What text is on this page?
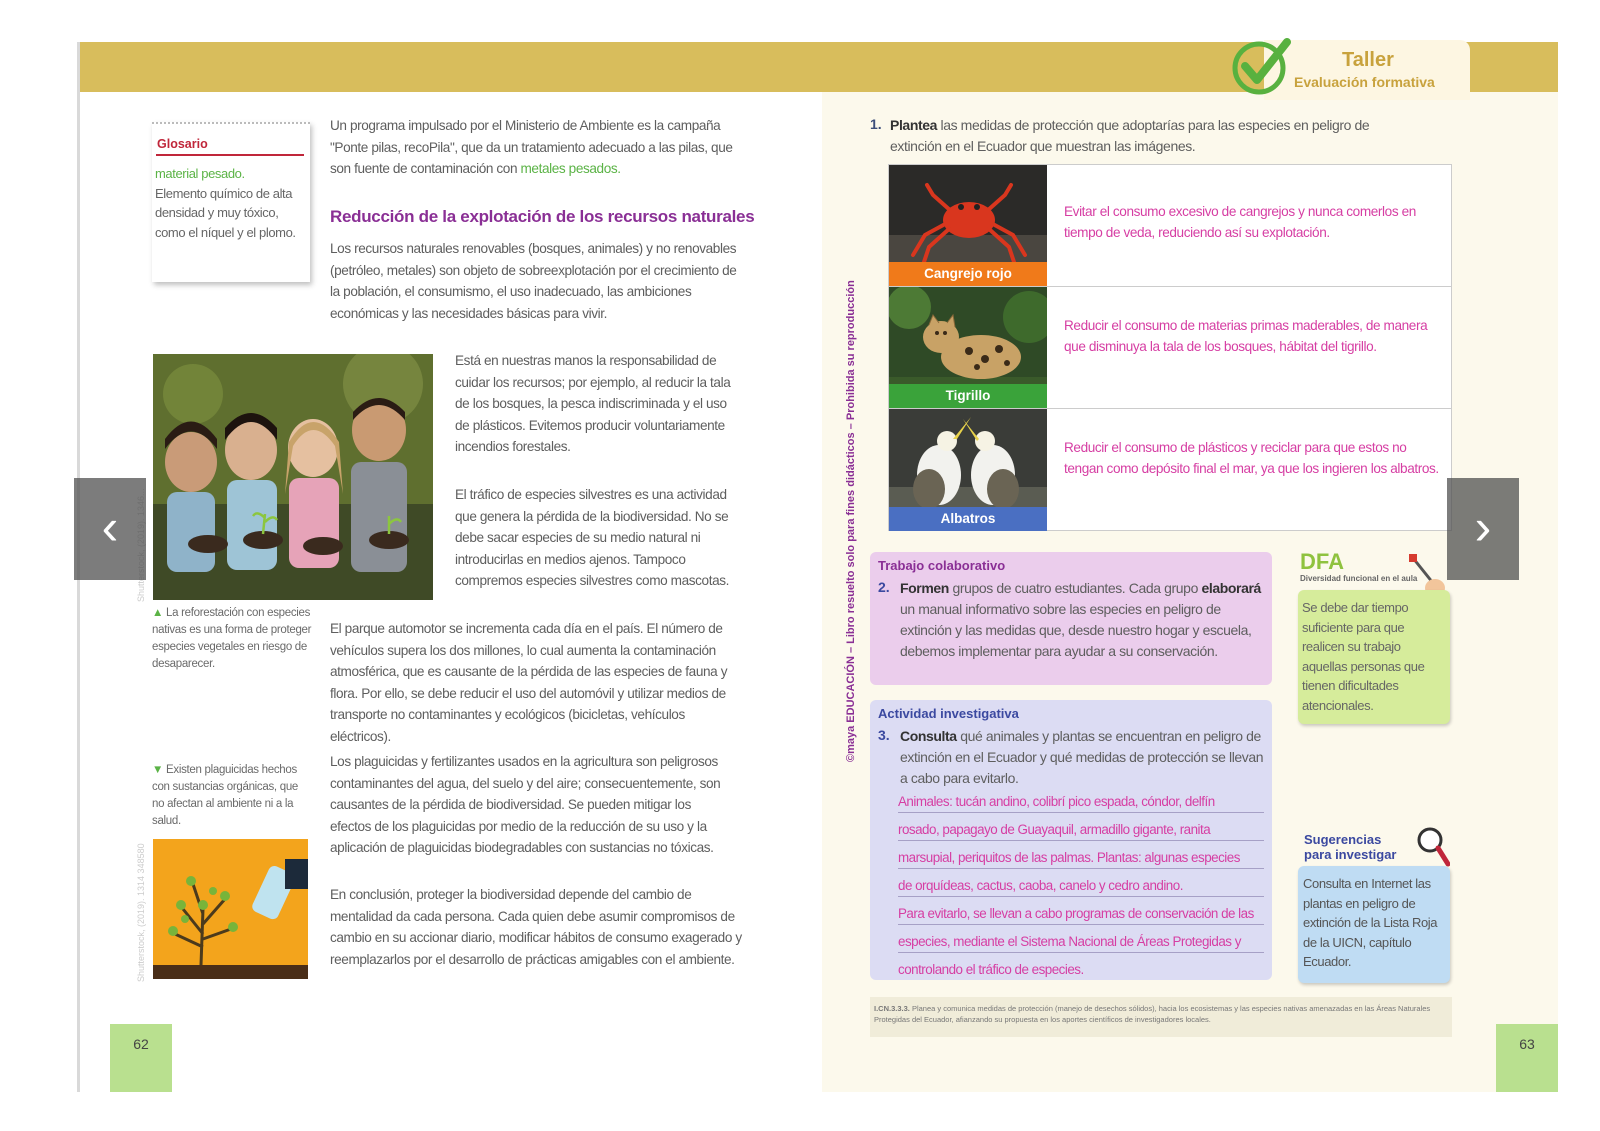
Glosario
material pesado.
Elemento químico de alta densidad y muy tóxico, como el níquel y el plomo.
Un programa impulsado por el Ministerio de Ambiente es la campaña "Ponte pilas, recoPila", que da un tratamiento adecuado a las pilas, que son fuente de contaminación con metales pesados.
Reducción de la explotación de los recursos naturales
Los recursos naturales renovables (bosques, animales) y no renovables (petróleo, metales) son objeto de sobreexplotación por el crecimiento de la población, el consumismo, el uso inadecuado, las ambiciones económicas y las necesidades básicas para vivir.
Está en nuestras manos la responsabilidad de cuidar los recursos; por ejemplo, al reducir la tala de los bosques, la pesca indiscriminada y el uso de plásticos. Evitemos producir voluntariamente incendios forestales.
El tráfico de especies silvestres es una actividad que genera la pérdida de la biodiversidad. No se debe sacar especies de su medio natural ni introducirlas en medios ajenos. Tampoco compremos especies silvestres como mascotas.
▲ La reforestación con especies nativas es una forma de proteger especies vegetales en riesgo de desaparecer.
El parque automotor se incrementa cada día en el país. El número de vehículos supera los dos millones, lo cual aumenta la contaminación atmosférica, que es causante de la pérdida de las especies de fauna y flora. Por ello, se debe reducir el uso del automóvil y utilizar medios de transporte no contaminantes y ecológicos (bicicletas, vehículos eléctricos).
Los plaguicidas y fertilizantes usados en la agricultura son peligrosos contaminantes del agua, del suelo y del aire; consecuentemente, son causantes de la pérdida de biodiversidad. Se pueden mitigar los efectos de los plaguicidas por medio de la reducción de su uso y la aplicación de plaguicidas biodegradables con sustancias no tóxicas.
En conclusión, proteger la biodiversidad depende del cambio de mentalidad da cada persona. Cada quien debe asumir compromisos de cambio en su accionar diario, modificar hábitos de consumo exagerado y reemplazarlos por el desarrollo de prácticas amigables con el ambiente.
▼ Existen plaguicidas hechos con sustancias orgánicas, que no afectan al ambiente ni a la salud.
Shutterstock, (2019). 1314 348580
62
Taller
Evaluación formativa
1. Plantea las medidas de protección que adoptarías para las especies en peligro de extinción en el Ecuador que muestran las imágenes.
Cangrejo rojo
Evitar el consumo excesivo de cangrejos y nunca comerlos en tiempo de veda, reduciendo así su explotación.
Tigrillo
Reducir el consumo de materias primas maderables, de manera que disminuya la tala de los bosques, hábitat del tigrillo.
Albatros
Reducir el consumo de plásticos y reciclar para que estos no tengan como depósito final el mar, ya que los ingieren los albatros.
Trabajo colaborativo
2. Formen grupos de cuatro estudiantes. Cada grupo elaborará un manual informativo sobre las especies en peligro de extinción y las medidas que, desde nuestro hogar y escuela, debemos implementar para ayudar a su conservación.
Actividad investigativa
3. Consulta qué animales y plantas se encuentran en peligro de extinción en el Ecuador y qué medidas de protección se llevan a cabo para evitarlo.
Animales: tucán andino, colibrí pico espada, cóndor, delfín
rosado, papagayo de Guayaquil, armadillo gigante, ranita
marsupial, periquitos de las palmas. Plantas: algunas especies
de orquídeas, cactus, caoba, canelo y cedro andino.
Para evitarlo, se llevan a cabo programas de conservación de las
especies, mediante el Sistema Nacional de Áreas Protegidas y
controlando el tráfico de especies.
DFA
Diversidad funcional en el aula
Se debe dar tiempo suficiente para que realicen su trabajo aquellas personas que tienen dificultades atencionales.
Sugerencias
para investigar
Consulta en Internet las plantas en peligro de extinción de la Lista Roja de la UICN, capítulo Ecuador.
I.CN.3.3.3. Planea y comunica medidas de protección (manejo de desechos sólidos), hacia los ecosistemas y las especies nativas amenazadas en las Áreas Naturales Protegidas del Ecuador, afianzando su propuesta en los aportes científicos de investigadores locales.
©maya EDUCACIÓN – Libro resuelto solo para fines didácticos – Prohibida su reproducción
63
‹	›
